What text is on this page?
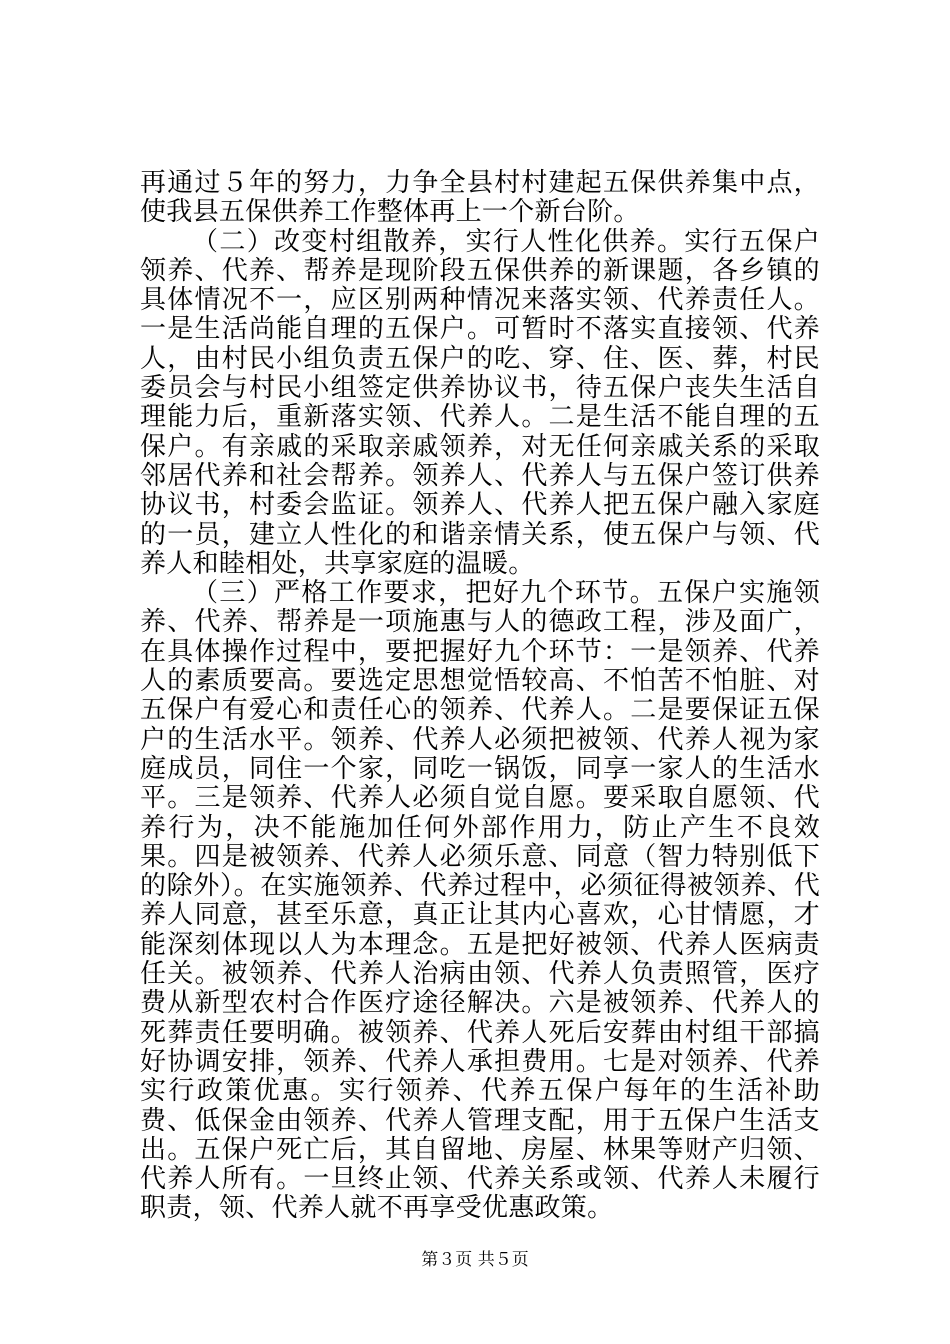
再通过５年的努力，力争全县村村建起五保供养集中点，使我县五保供养工作整体再上一个新台阶。

（二）改变村组散养，实行人性化供养。实行五保户领养、代养、帮养是现阶段五保供养的新课题，各乡镇的具体情况不一，应区别两种情况来落实领、代养责任人。一是生活尚能自理的五保户。可暂时不落实直接领、代养人，由村民小组负责五保户的吃、穿、住、医、葬，村民委员会与村民小组签定供养协议书，待五保户丧失生活自理能力后，重新落实领、代养人。二是生活不能自理的五保户。有亲戚的采取亲戚领养，对无任何亲戚关系的采取邻居代养和社会帮养。领养人、代养人与五保户签订供养协议书，村委会监证。领养人、代养人把五保户融入家庭的一员，建立人性化的和谐亲情关系，使五保户与领、代养人和睦相处，共享家庭的温暖。

（三）严格工作要求，把好九个环节。五保户实施领养、代养、帮养是一项施惠与人的德政工程，涉及面广，在具体操作过程中，要把握好九个环节：一是领养、代养人的素质要高。要选定思想觉悟较高、不怕苦不怕脏、对五保户有爱心和责任心的领养、代养人。二是要保证五保户的生活水平。领养、代养人必须把被领、代养人视为家庭成员，同住一个家，同吃一锅饭，同享一家人的生活水平。三是领养、代养人必须自觉自愿。要采取自愿领、代养行为，决不能施加任何外部作用力，防止产生不良效果。四是被领养、代养人必须乐意、同意（智力特别低下的除外）。在实施领养、代养过程中，必须征得被领养、代养人同意，甚至乐意，真正让其内心喜欢，心甘情愿，才能深刻体现以人为本理念。五是把好被领、代养人医病责任关。被领养、代养人治病由领、代养人负责照管，医疗费从新型农村合作医疗途径解决。六是被领养、代养人的死葬责任要明确。被领养、代养人死后安葬由村组干部搞好协调安排，领养、代养人承担费用。七是对领养、代养实行政策优惠。实行领养、代养五保户每年的生活补助费、低保金由领养、代养人管理支配，用于五保户生活支出。五保户死亡后，其自留地、房屋、林果等财产归领、代养人所有。一旦终止领、代养关系或领、代养人未履行职责，领、代养人就不再享受优惠政策。

第３页 共５页
